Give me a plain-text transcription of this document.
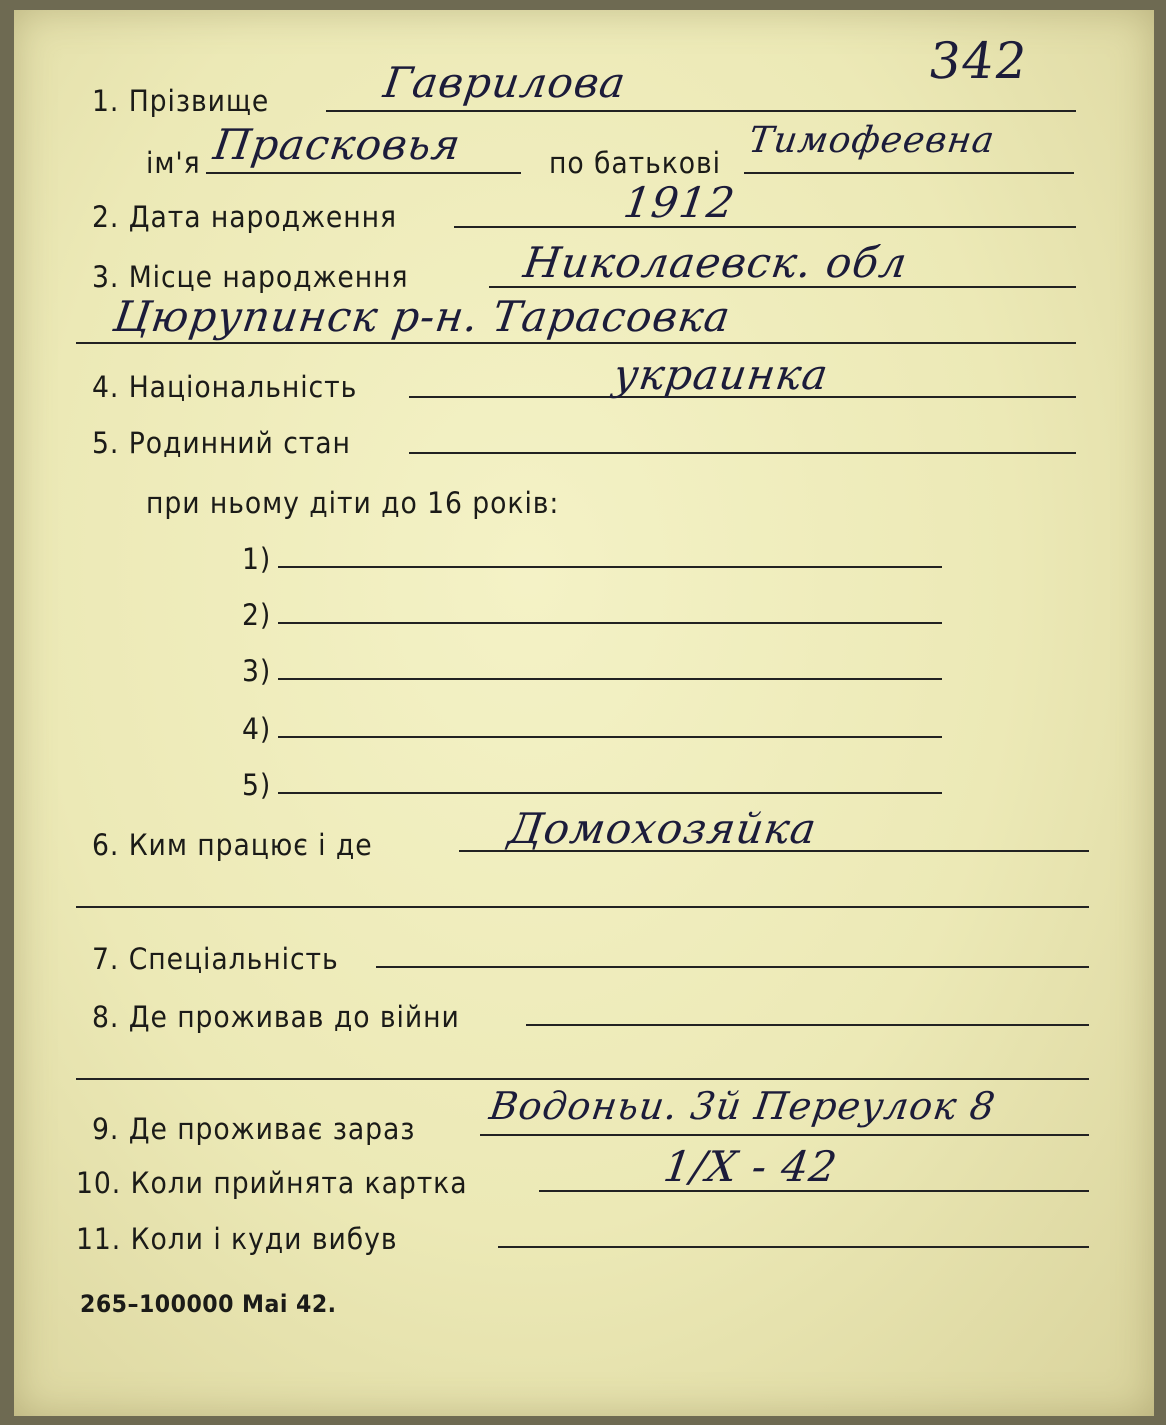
342
1. Прізвище	Гаврилова
ім'я Прасковья	по батькові
Тимофеевна
2. Дата народження	1912
3. Місце народження	Николаевск. обл
Цюрупинск р-н. Тарасовка
4. Національність	украинка
5. Родинний стан
при ньому діти до 16 років:
1)
2)
3)
4)
5)
6. Ким працює і де	Домохозяйка
7. Спеціальність
8. Де проживав до війни
9. Де проживає зараз
Водоньи. 3й Переулок 8
10. Коли прийнята картка	1/X - 42
11. Коли і куди вибув
265–100000 Mai 42.
